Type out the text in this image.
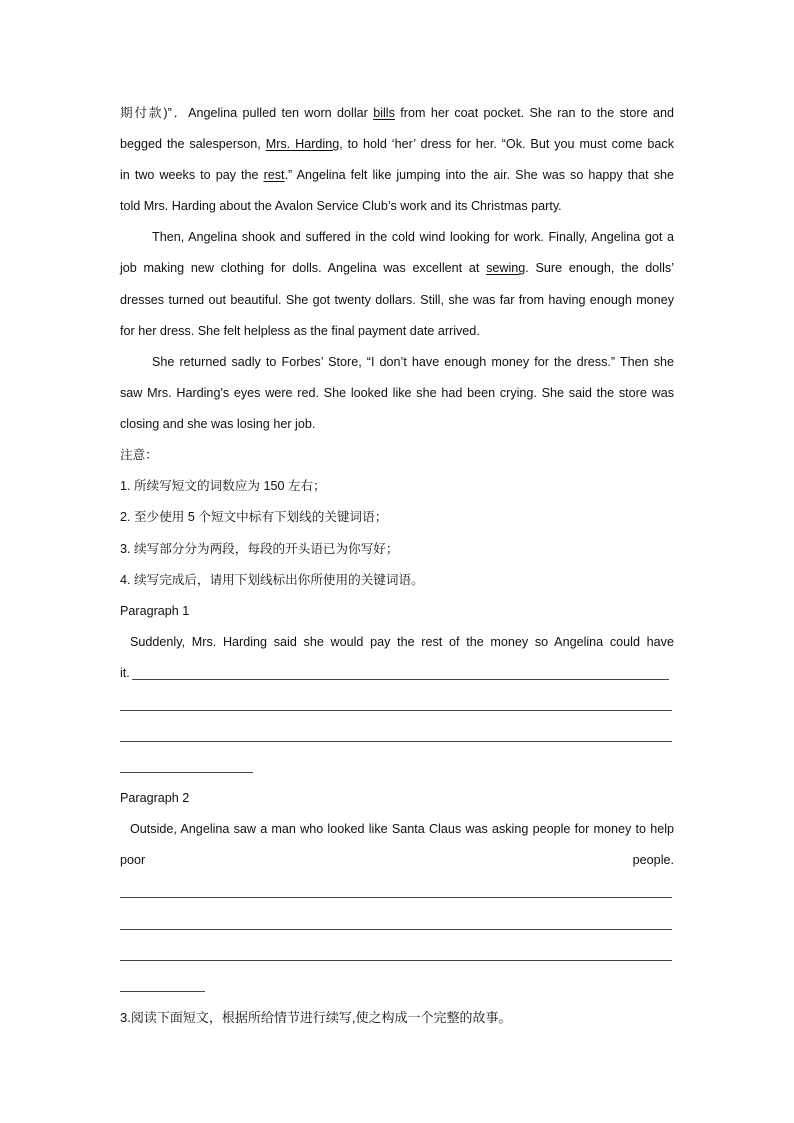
期付款)”．Angelina pulled ten worn dollar bills from her coat pocket. She ran to the store and
begged the salesperson, Mrs. Harding, to hold ‘her’ dress for her. “Ok. But you must come back
in two weeks to pay the rest.” Angelina felt like jumping into the air. She was so happy that she
told Mrs. Harding about the Avalon Service Club’s work and its Christmas party.
Then, Angelina shook and suffered in the cold wind looking for work. Finally, Angelina got a
job making new clothing for dolls. Angelina was excellent at sewing. Sure enough, the dolls’
dresses turned out beautiful. She got twenty dollars. Still, she was far from having enough money
for her dress. She felt helpless as the final payment date arrived.
She returned sadly to Forbes’ Store, “I don’t have enough money for the dress.” Then she
saw Mrs. Harding's eyes were red. She looked like she had been crying. She said the store was
closing and she was losing her job.
注意：
1. 所续写短文的词数应为 150 左右；
2. 至少使用 5 个短文中标有下划线的关键词语；
3. 续写部分分为两段，每段的开头语已为你写好；
4. 续写完成后，请用下划线标出你所使用的关键词语。
Paragraph 1
Suddenly, Mrs. Harding said she would pay the rest of the money so Angelina could have
it.
Paragraph 2
Outside, Angelina saw a man who looked like Santa Claus was asking people for money to help
poor	people.
3.阅读下面短文，根据所给情节进行续写,使之构成一个完整的故事。
